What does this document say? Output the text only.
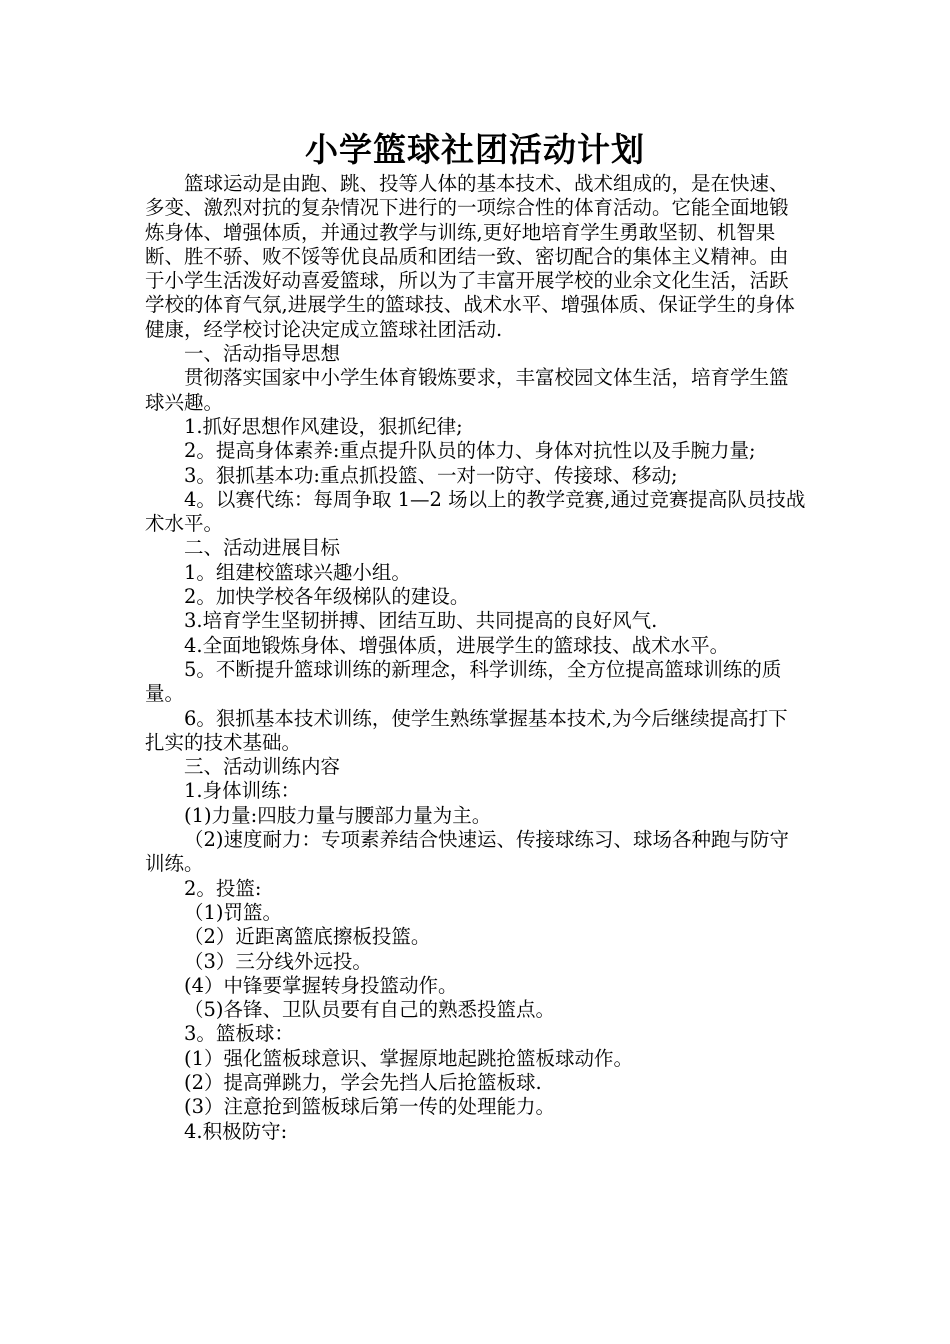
小学篮球社团活动计划

篮球运动是由跑、跳、投等人体的基本技术、战术组成的，是在快速、多变、激烈对抗的复杂情况下进行的一项综合性的体育活动。它能全面地锻炼身体、增强体质，并通过教学与训练,更好地培育学生勇敢坚韧、机智果断、胜不骄、败不馁等优良品质和团结一致、密切配合的集体主义精神。由于小学生活泼好动喜爱篮球，所以为了丰富开展学校的业余文化生活，活跃学校的体育气氛,进展学生的篮球技、战术水平、增强体质、保证学生的身体健康，经学校讨论决定成立篮球社团活动.

一、活动指导思想

贯彻落实国家中小学生体育锻炼要求，丰富校园文体生活，培育学生篮球兴趣。

1.抓好思想作风建设，狠抓纪律;

2。提高身体素养:重点提升队员的体力、身体对抗性以及手腕力量;

3。狠抓基本功:重点抓投篮、一对一防守、传接球、移动;

4。以赛代练：每周争取 1—2 场以上的教学竞赛,通过竞赛提高队员技战术水平。

二、活动进展目标

1。组建校篮球兴趣小组。

2。加快学校各年级梯队的建设。

3.培育学生坚韧拼搏、团结互助、共同提高的良好风气.

4.全面地锻炼身体、增强体质，进展学生的篮球技、战术水平。

5。不断提升篮球训练的新理念，科学训练，全方位提高篮球训练的质量。

6。狠抓基本技术训练，使学生熟练掌握基本技术,为今后继续提高打下扎实的技术基础。

三、活动训练内容

1.身体训练：

(1)力量:四肢力量与腰部力量为主。

（2)速度耐力：专项素养结合快速运、传接球练习、球场各种跑与防守训练。

2。投篮:

（1)罚篮。

（2）近距离篮底擦板投篮。

（3）三分线外远投。

(4）中锋要掌握转身投篮动作。

（5)各锋、卫队员要有自己的熟悉投篮点。

3。篮板球：

(1）强化篮板球意识、掌握原地起跳抢篮板球动作。

(2）提高弹跳力，学会先挡人后抢篮板球.

(3）注意抢到篮板球后第一传的处理能力。

4.积极防守:
